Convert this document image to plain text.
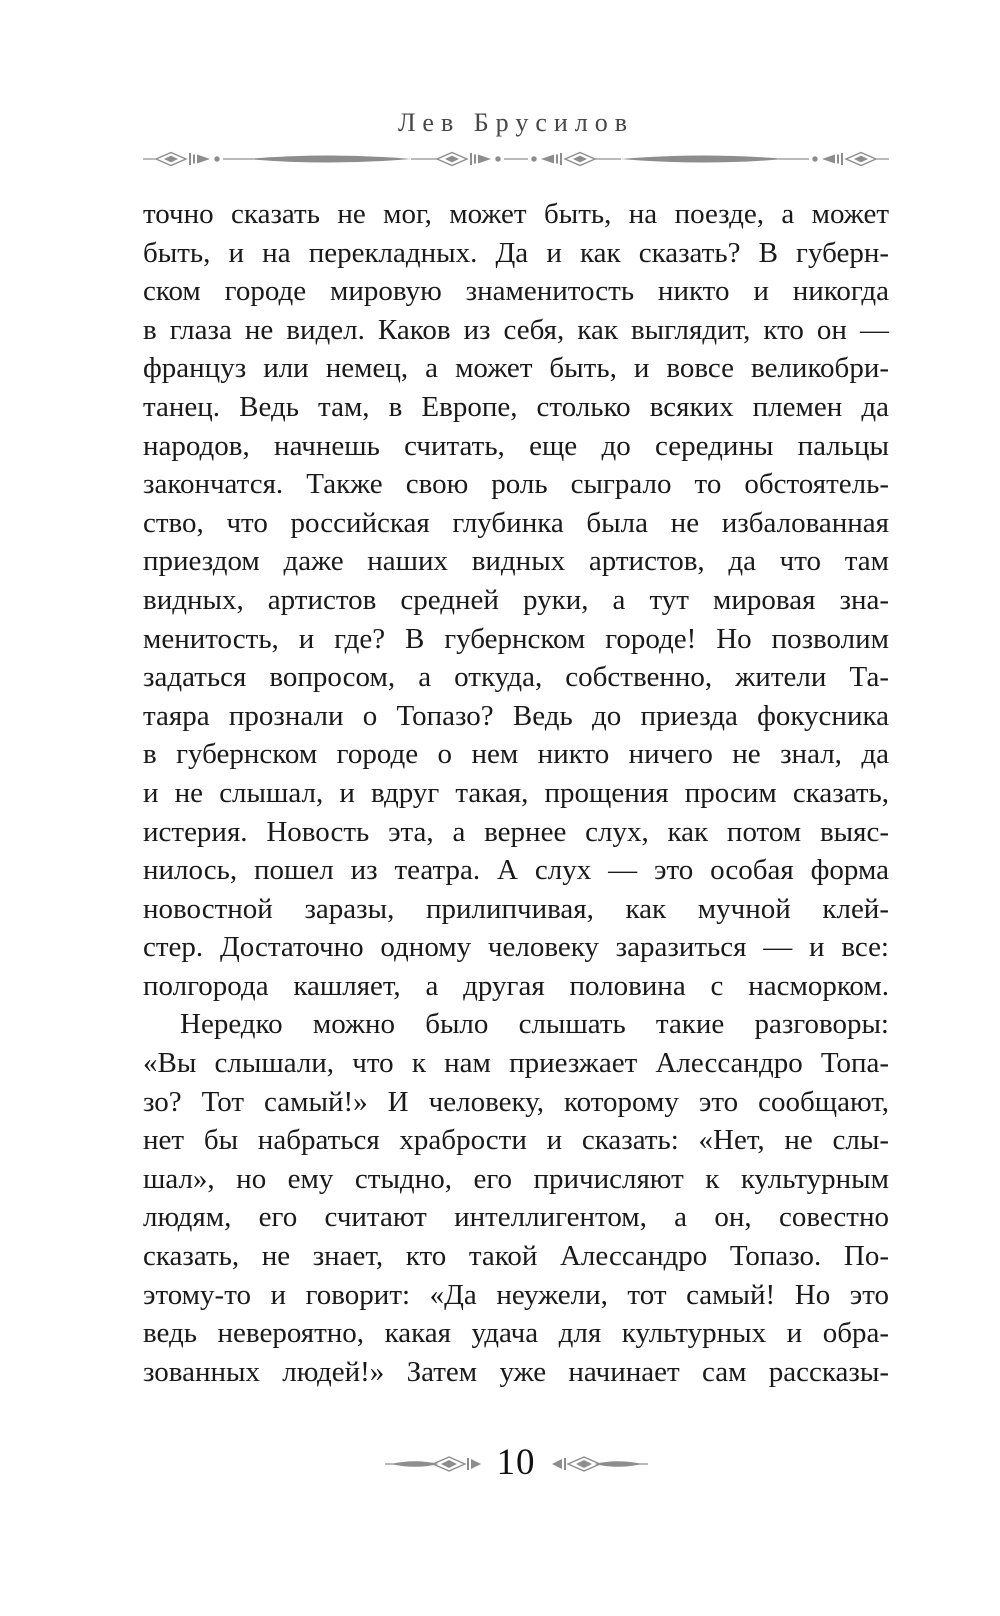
Лев Брусилов
точно сказать не мог, может быть, на поезде, а может
быть, и на перекладных. Да и как сказать? В губерн-
ском городе мировую знаменитость никто и никогда
в глаза не видел. Каков из себя, как выглядит, кто он —
француз или немец, а может быть, и вовсе великобри-
танец. Ведь там, в Европе, столько всяких племен да
народов, начнешь считать, еще до середины пальцы
закончатся. Также свою роль сыграло то обстоятель-
ство, что российская глубинка была не избалованная
приездом даже наших видных артистов, да что там
видных, артистов средней руки, а тут мировая зна-
менитость, и где? В губернском городе! Но позволим
задаться вопросом, а откуда, собственно, жители Та-
таяра прознали о Топазо? Ведь до приезда фокусника
в губернском городе о нем никто ничего не знал, да
и не слышал, и вдруг такая, прощения просим сказать,
истерия. Новость эта, а вернее слух, как потом выяс-
нилось, пошел из театра. А слух — это особая форма
новостной заразы, прилипчивая, как мучной клей-
стер. Достаточно одному человеку заразиться — и все:
полгорода кашляет, а другая половина с насморком.
Нередко можно было слышать такие разговоры:
«Вы слышали, что к нам приезжает Алессандро Топа-
зо? Тот самый!» И человеку, которому это сообщают,
нет бы набраться храбрости и сказать: «Нет, не слы-
шал», но ему стыдно, его причисляют к культурным
людям, его считают интеллигентом, а он, совестно
сказать, не знает, кто такой Алессандро Топазо. По-
этому-то и говорит: «Да неужели, тот самый! Но это
ведь невероятно, какая удача для культурных и обра-
зованных людей!» Затем уже начинает сам рассказы-
10
